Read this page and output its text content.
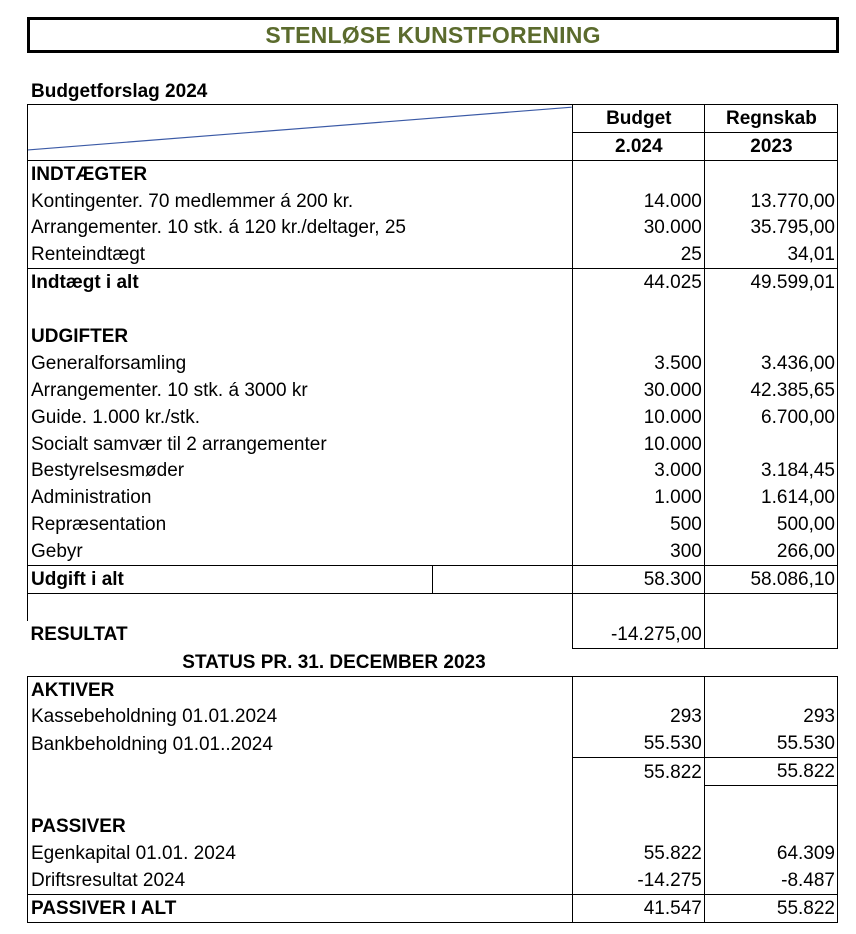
STENLØSE KUNSTFORENING
Budgetforslag 2024
	Budget	Regnskab
	2.024	2023
INDTÆGTER		
Kontingenter. 70 medlemmer á 200 kr.	14.000	13.770,00
Arrangementer. 10 stk. á 120 kr./deltager, 25	30.000	35.795,00
Renteindtægt	25	34,01
Indtægt i alt	44.025	49.599,01

UDGIFTER		
Generalforsamling	3.500	3.436,00
Arrangementer. 10 stk. á 3000 kr	30.000	42.385,65
Guide. 1.000 kr./stk.	10.000	6.700,00
Socialt samvær til 2 arrangementer	10.000	
Bestyrelsesmøder	3.000	3.184,45
Administration	1.000	1.614,00
Repræsentation	500	500,00
Gebyr	300	266,00
Udgift i alt	58.300	58.086,10

RESULTAT	-14.275,00	
STATUS PR. 31. DECEMBER 2023		
AKTIVER		
Kassebeholdning 01.01.2024	293	293
Bankbeholdning 01.01..2024	55.530	55.530
	55.822	55.822

PASSIVER		
Egenkapital 01.01. 2024	55.822	64.309
Driftsresultat 2024	-14.275	-8.487
PASSIVER I ALT	41.547	55.822
